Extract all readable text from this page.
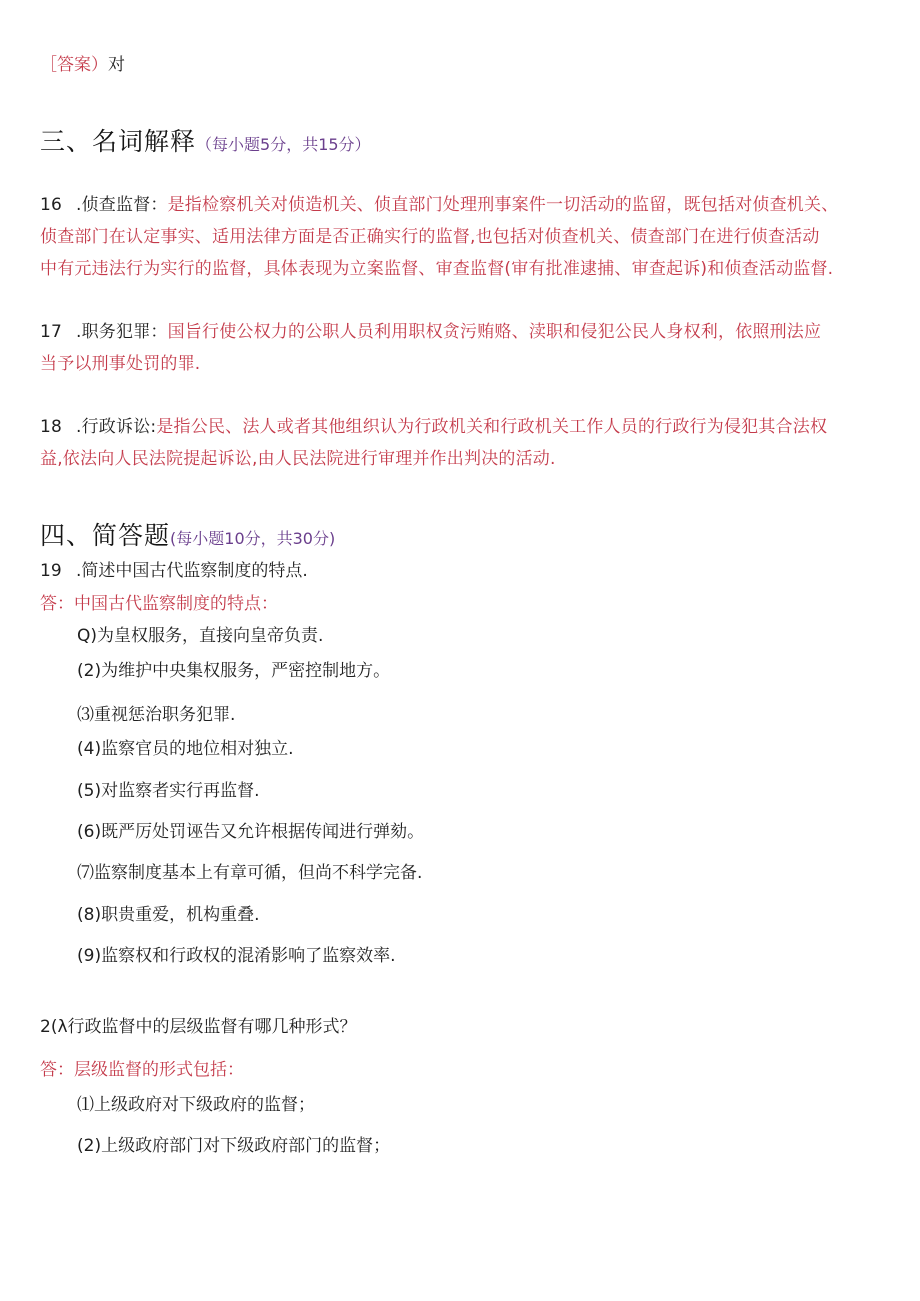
［答案）对
三、名词解释（每小题5分，共15分）
16 .侦查监督：是指检察机关对侦造机关、侦直部门处理刑事案件一切活动的监留，既包括对侦查机关、
侦查部门在认定事实、适用法律方面是否正确实行的监督,也包括对侦查机关、债查部门在进行侦查活动
中有元违法行为实行的监督，具体表现为立案监督、审查监督(审有批准逮捕、审查起诉)和侦查活动监督.
17 .职务犯罪：国旨行使公权力的公职人员利用职权贪污贿赂、渎职和侵犯公民人身权利，依照刑法应
当予以刑事处罚的罪.
18 .行政诉讼:是指公民、法人或者其他组织认为行政机关和行政机关工作人员的行政行为侵犯其合法权
益,依法向人民法院提起诉讼,由人民法院进行审理并作出判决的活动.
四、简答题(每小题10分，共30分)
19 .简述中国古代监察制度的特点.
答：中国古代监察制度的特点：
Q)为皇权服务，直接向皇帝负责.
(2)为维护中央集权服务，严密控制地方。
⑶重视惩治职务犯罪.
(4)监察官员的地位相对独立.
(5)对监察者实行再监督.
(6)既严厉处罚诬告又允许根据传闻进行弹劾。
⑺监察制度基本上有章可循，但尚不科学完备.
(8)职贵重爱，机构重叠.
(9)监察权和行政权的混淆影响了监察效率.
2(λ行政监督中的层级监督有哪几种形式？
答：层级监督的形式包括：
⑴上级政府对下级政府的监督；
(2)上级政府部门对下级政府部门的监督；
